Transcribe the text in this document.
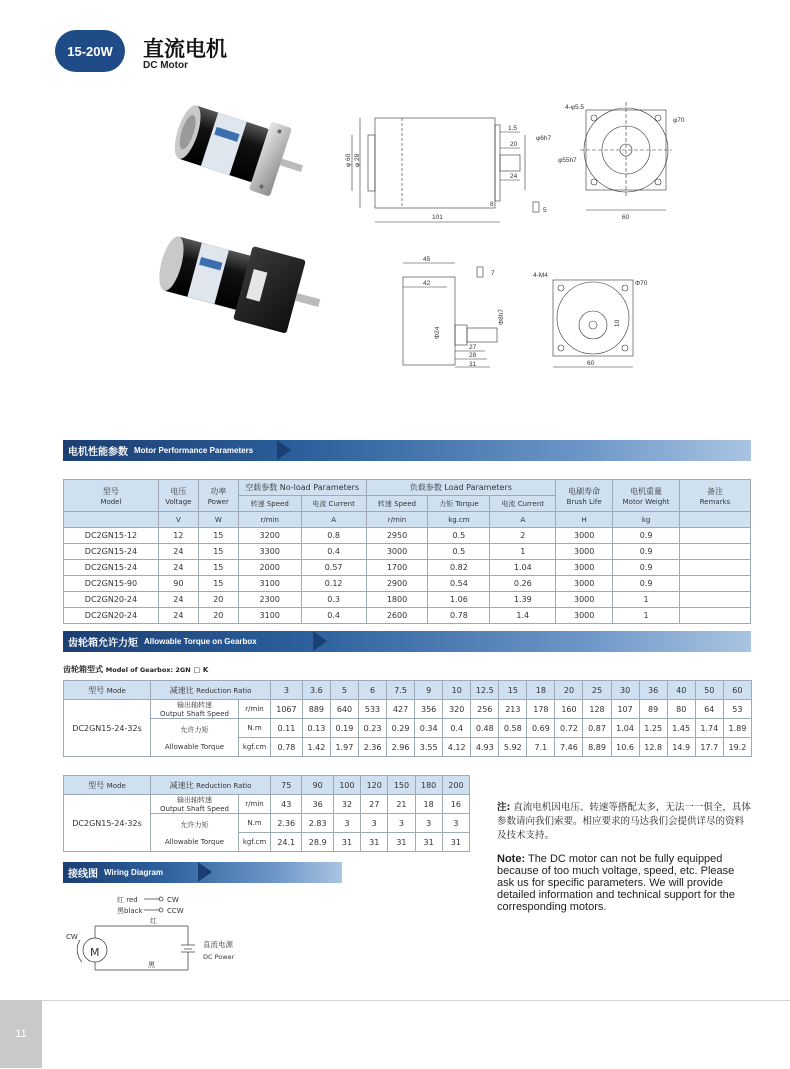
15-20W	直流电机
DC Motor
4-φ5.5
φ70
1.5
20
φ6h7
φ55h7
24
8
101	60
φ 60 φ 28
5
45
42
7	4-M4
Φ70
Φ24
Φ8h7
27
28
31
10
60
电机性能参数 Motor Performance Parameters
型号
Model	电压
Voltage	功率
Power	空载参数 No-load Parameters		负载参数 Load Parameters			电刷寿命
Brush Life	电机重量
Motor Weight	备注
Remarks
			转速 Speed	电流 Current	转速 Speed	力矩 Torque	电流 Current			
	V	W	r/min	A	r/min	kg.cm	A	H	kg	
DC2GN15-12	12	15	3200	0.8	2950	0.5	2	3000	0.9	
DC2GN15-24	24	15	3300	0.4	3000	0.5	1	3000	0.9	
DC2GN15-24	24	15	2000	0.57	1700	0.82	1.04	3000	0.9	
DC2GN15-90	90	15	3100	0.12	2900	0.54	0.26	3000	0.9	
DC2GN20-24	24	20	2300	0.3	1800	1.06	1.39	3000	1	
DC2GN20-24	24	20	3100	0.4	2600	0.78	1.4	3000	1	
齿轮箱允许力矩 Allowable Torque on Gearbox
齿轮箱型式 Model of Gearbox: 2GN □ K
型号 Mode	减速比 Reduction Ratio		3	3.6	5	6	7.5	9	10	12.5	15	18	20	25	30	36	40	50	60
DC2GN15-24-32s	输出轴转速
Output Shaft Speed	r/min	1067	889	640	533	427	356	320	256	213	178	160	128	107	89	80	64	53
	允许力矩

Allowable Torque	N.m	0.11	0.13	0.19	0.23	0.29	0.34	0.4	0.48	0.58	0.69	0.72	0.87	1.04	1.25	1.45	1.74	1.89
		kgf.cm	0.78	1.42	1.97	2.36	2.96	3.55	4.12	4.93	5.92	7.1	7.46	8.89	10.6	12.8	14.9	17.7	19.2
型号 Mode	减速比 Reduction Ratio		75	90	100	120	150	180	200
DC2GN15-24-32s	输出轴转速
Output Shaft Speed	r/min	43	36	32	27	21	18	16
	允许力矩

Allowable Torque	N.m	2.36	2.83	3	3	3	3	3
		kgf.cm	24.1	28.9	31	31	31	31	31
注: 直流电机因电压、转速等搭配太多，无法一一俱全，具体参数请向我们索要。相应要求的马达我们会提供详尽的资料及技术支持。
Note: The DC motor can not be fully equipped because of too much voltage, speed, etc. Please ask us for specific parameters. We will provide detailed information and technical support for the corresponding motors.
接线图 Wiring Diagram
红 red
黑black
CW
CCW
红
黑
CW
M
直流电源
DC Power
11
